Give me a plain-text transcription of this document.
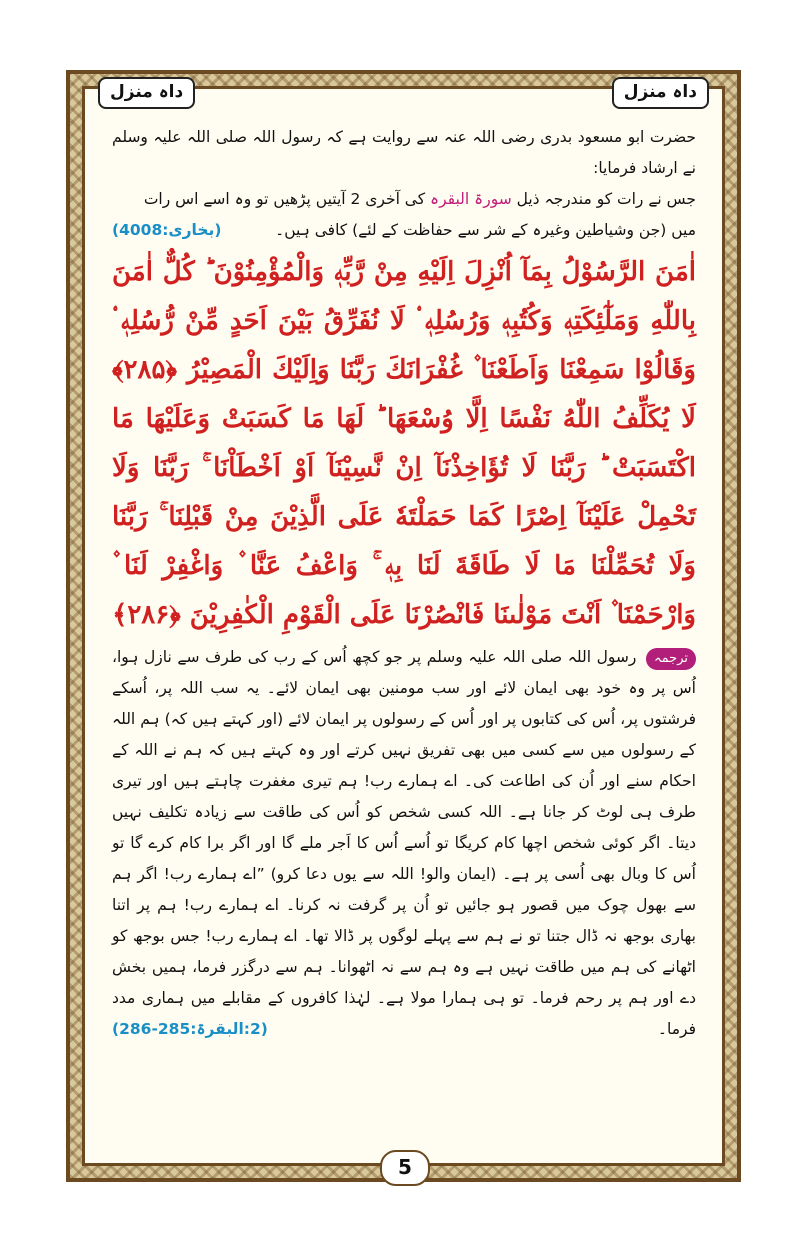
داہ منزل	داہ منزل
حضرت ابو مسعود بدری رضی اللہ عنہ سے روایت ہے کہ رسول اللہ صلی اللہ علیہ وسلم نے ارشاد فرمایا:
جس نے رات کو مندرجہ ذیل سورۃ البقرہ کی آخری 2 آیتیں پڑھیں تو وہ اسے اس رات
میں (جن وشیاطین وغیرہ کے شر سے حفاظت کے لئے) کافی ہیں۔
(بخاری:4008)
اٰمَنَ الرَّسُوْلُ بِمَآ اُنْزِلَ اِلَيْهِ مِنْ رَّبِّهٖ وَالْمُؤْمِنُوْنَ ؕ كُلٌّ اٰمَنَ بِاللّٰهِ وَمَلٰٓئِكَتِهٖ وَكُتُبِهٖ وَرُسُلِهٖ ۟ لَا نُفَرِّقُ بَيْنَ اَحَدٍ مِّنْ رُّسُلِهٖ ۟ وَقَالُوْا سَمِعْنَا وَاَطَعْنَا ۫ غُفْرَانَكَ رَبَّنَا وَاِلَيْكَ الْمَصِيْرُ ﴿۲۸۵﴾ لَا يُكَلِّفُ اللّٰهُ نَفْسًا اِلَّا وُسْعَهَا ؕ لَهَا مَا كَسَبَتْ وَعَلَيْهَا مَا اكْتَسَبَتْ ؕ رَبَّنَا لَا تُؤَاخِذْنَآ اِنْ نَّسِيْنَآ اَوْ اَخْطَاْنَا ۚ رَبَّنَا وَلَا تَحْمِلْ عَلَيْنَآ اِصْرًا كَمَا حَمَلْتَهٗ عَلَى الَّذِيْنَ مِنْ قَبْلِنَا ۚ رَبَّنَا وَلَا تُحَمِّلْنَا مَا لَا طَاقَةَ لَنَا بِهٖ ۚ وَاعْفُ عَنَّا ۫ وَاغْفِرْ لَنَا ۫ وَارْحَمْنَا ۫ اَنْتَ مَوْلٰىنَا فَانْصُرْنَا عَلَى الْقَوْمِ الْكٰفِرِيْنَ ﴿۲۸۶﴾
ترجمہ رسول اللہ صلی اللہ علیہ وسلم پر جو کچھ اُس کے رب کی طرف سے نازل ہوا، اُس پر وہ خود بھی ایمان لائے اور سب مومنین بھی ایمان لائے۔ یہ سب اللہ پر، اُسکے فرشتوں پر، اُس کی کتابوں پر اور اُس کے رسولوں پر ایمان لائے (اور کہتے ہیں کہ) ہم اللہ کے رسولوں میں سے کسی میں بھی تفریق نہیں کرتے اور وہ کہتے ہیں کہ ہم نے اللہ کے احکام سنے اور اُن کی اطاعت کی۔ اے ہمارے رب! ہم تیری مغفرت چاہتے ہیں اور تیری طرف ہی لوٹ کر جانا ہے۔ اللہ کسی شخص کو اُس کی طاقت سے زیادہ تکلیف نہیں دیتا۔ اگر کوئی شخص اچھا کام کریگا تو اُسے اُس کا اَجر ملے گا اور اگر برا کام کرے گا تو اُس کا وبال بھی اُسی پر ہے۔ (ایمان والو! اللہ سے یوں دعا کرو) ”اے ہمارے رب! اگر ہم سے بھول چوک میں قصور ہو جائیں تو اُن پر گرفت نہ کرنا۔ اے ہمارے رب! ہم پر اتنا بھاری بوجھ نہ ڈال جتنا تو نے ہم سے پہلے لوگوں پر ڈالا تھا۔ اے ہمارے رب! جس بوجھ کو اٹھانے کی ہم میں طاقت نہیں ہے وہ ہم سے نہ اٹھوانا۔ ہم سے درگزر فرما، ہمیں بخش دے اور ہم پر رحم فرما۔ تو ہی ہمارا مولا ہے۔ لہٰذا کافروں کے مقابلے میں ہماری مدد فرما۔
(2:البقرۃ:285-286)
5
